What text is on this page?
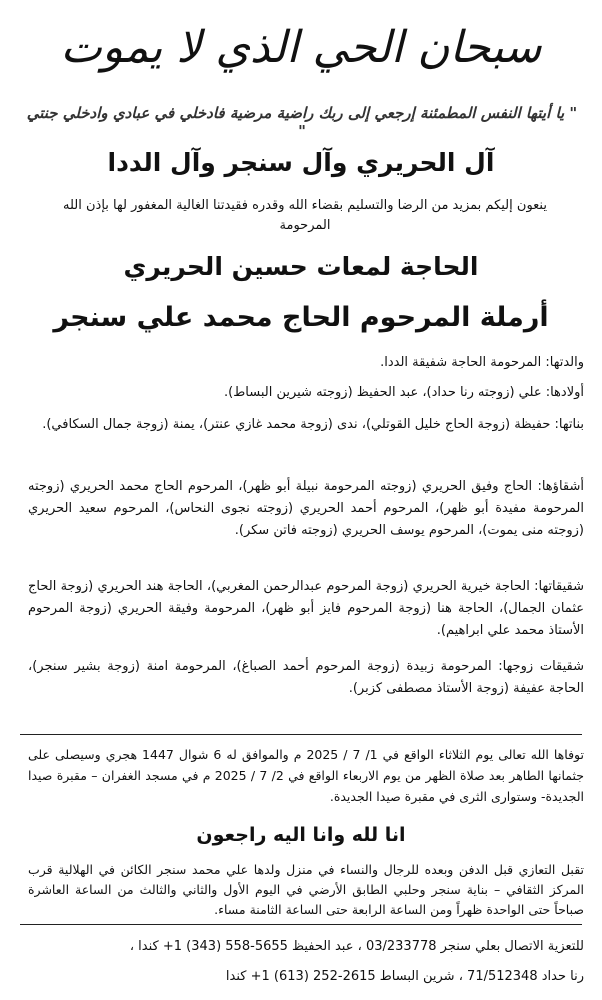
سبحان الحي الذي لا يموت
" يا أيتها النفس المطمئنة إرجعي إلى ربك راضية مرضية فادخلي في عبادي وادخلي جنتي "
آل الحريري وآل سنجر وآل الددا
ينعون إليكم بمزيد من الرضا والتسليم بقضاء الله وقدره فقيدتنا الغالية المغفور لها بإذن الله المرحومة
الحاجة لمعات حسين الحريري
أرملة المرحوم الحاج محمد علي سنجر
والدتها: المرحومة الحاجة شفيقة الددا.
أولادها: علي (زوجته رنا حداد)، عبد الحفيظ (زوجته شيرين البساط).
بناتها: حفيظة (زوجة الحاج خليل القوتلي)، ندى (زوجة محمد غازي عنتر)، يمنة (زوجة جمال السكافي).
أشقاؤها: الحاج وفيق الحريري (زوجته المرحومة نبيلة أبو ظهر)، المرحوم الحاج محمد الحريري (زوجته المرحومة مفيدة أبو ظهر)، المرحوم أحمد الحريري (زوجته نجوى النحاس)، المرحوم سعيد الحريري (زوجته منى يموت)، المرحوم يوسف الحريري (زوجته فاتن سكر).
شقيقاتها: الحاجة خيرية الحريري (زوجة المرحوم عبدالرحمن المغربي)، الحاجة هند الحريري (زوجة الحاج عثمان الجمال)، الحاجة هنا (زوجة المرحوم فايز أبو ظهر)، المرحومة وفيقة الحريري (زوجة المرحوم الأستاذ محمد علي ابراهيم).
شقيقات زوجها: المرحومة زبيدة (زوجة المرحوم أحمد الصباغ)، المرحومة امنة (زوجة بشير سنجر)، الحاجة عفيفة (زوجة الأستاذ مصطفى كزبر).
توفاها الله تعالى يوم الثلاثاء الواقع في 1/ 7 / 2025 م والموافق له 6 شوال 1447 هجري وسيصلى على جثمانها الطاهر بعد صلاة الظهر من يوم الاربعاء الواقع في 2/ 7 / 2025 م في مسجد الغفران – مقبرة صيدا الجديدة- وستوارى الثرى في مقبرة صيدا الجديدة.
انا لله وانا اليه راجعون
تقبل التعازي قبل الدفن وبعده للرجال والنساء في منزل ولدها علي محمد سنجر الكائن في الهلالية قرب المركز الثقافي – بناية سنجر وحلبي الطابق الأرضي في اليوم الأول والثاني والثالث من الساعة العاشرة صباحاً حتى الواحدة ظهراً ومن الساعة الرابعة حتى الساعة الثامنة مساء.
للتعزية الاتصال بعلي سنجر 03/233778 ، عبد الحفيظ 5655-558 (343) 1+ كندا ،
رنا حداد 71/512348 ، شرين البساط 2615-252 (613) 1+ كندا
